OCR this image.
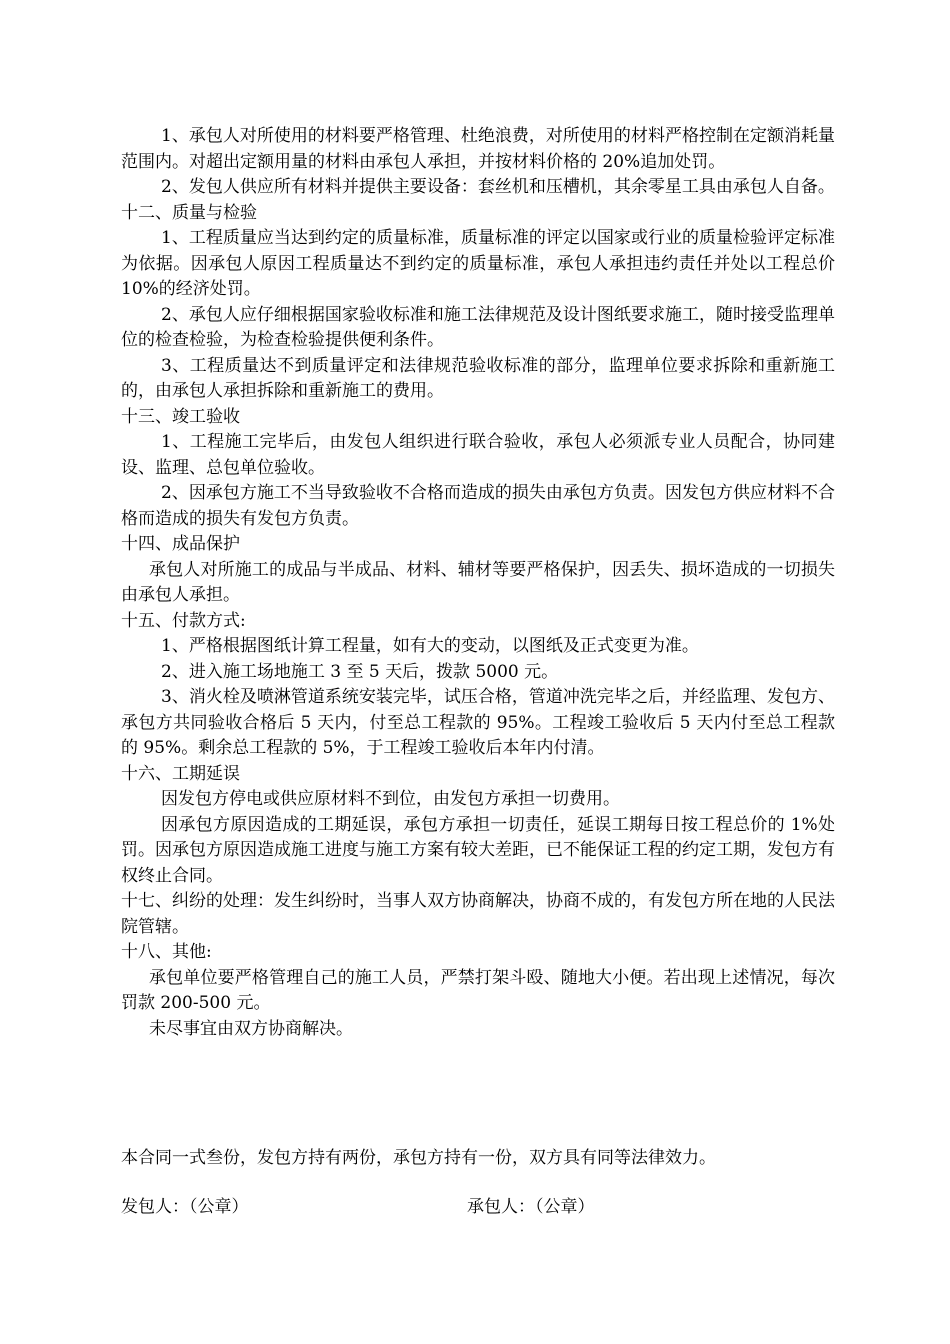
1、承包人对所使用的材料要严格管理、杜绝浪费，对所使用的材料严格控制在定额消耗量范围内。对超出定额用量的材料由承包人承担，并按材料价格的 20%追加处罚。

2、发包人供应所有材料并提供主要设备：套丝机和压槽机，其余零星工具由承包人自备。

十二、质量与检验

1、工程质量应当达到约定的质量标准，质量标准的评定以国家或行业的质量检验评定标准为依据。因承包人原因工程质量达不到约定的质量标准，承包人承担违约责任并处以工程总价 10%的经济处罚。

2、承包人应仔细根据国家验收标准和施工法律规范及设计图纸要求施工，随时接受监理单位的检查检验，为检查检验提供便利条件。

3、工程质量达不到质量评定和法律规范验收标准的部分，监理单位要求拆除和重新施工的，由承包人承担拆除和重新施工的费用。

十三、竣工验收

1、工程施工完毕后，由发包人组织进行联合验收，承包人必须派专业人员配合，协同建设、监理、总包单位验收。

2、因承包方施工不当导致验收不合格而造成的损失由承包方负责。因发包方供应材料不合格而造成的损失有发包方负责。

十四、成品保护

承包人对所施工的成品与半成品、材料、辅材等要严格保护，因丢失、损坏造成的一切损失由承包人承担。

十五、付款方式:

1、严格根据图纸计算工程量，如有大的变动，以图纸及正式变更为准。

2、进入施工场地施工 3 至 5 天后，拨款 5000 元。

3、消火栓及喷淋管道系统安装完毕，试压合格，管道冲洗完毕之后，并经监理、发包方、承包方共同验收合格后 5 天内，付至总工程款的 95%。工程竣工验收后 5 天内付至总工程款的 95%。剩余总工程款的 5%，于工程竣工验收后本年内付清。

十六、工期延误

因发包方停电或供应原材料不到位，由发包方承担一切费用。

因承包方原因造成的工期延误，承包方承担一切责任，延误工期每日按工程总价的 1%处罚。因承包方原因造成施工进度与施工方案有较大差距，已不能保证工程的约定工期，发包方有权终止合同。

十七、纠纷的处理：发生纠纷时，当事人双方协商解决，协商不成的，有发包方所在地的人民法院管辖。

十八、其他:

承包单位要严格管理自己的施工人员，严禁打架斗殴、随地大小便。若出现上述情况，每次罚款 200-500 元。

未尽事宜由双方协商解决。

本合同一式叁份，发包方持有两份，承包方持有一份，双方具有同等法律效力。

发包人：（公章）	承包人：（公章）
